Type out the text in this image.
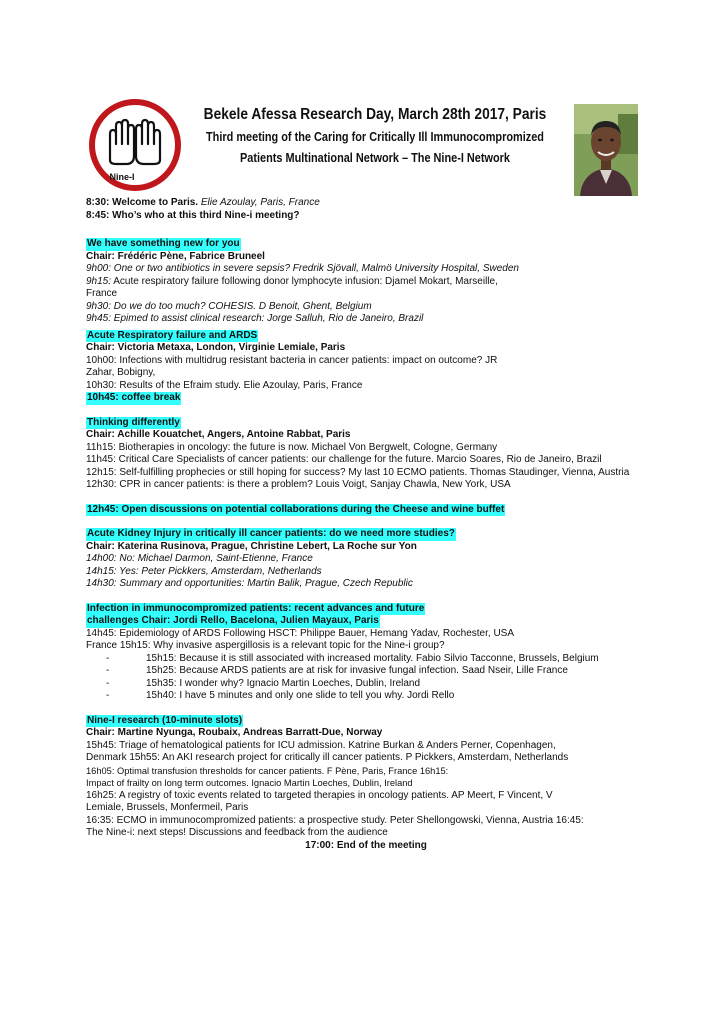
Nine-I
Bekele Afessa Research Day, March 28th 2017, Paris
Third meeting of the Caring for Critically Ill Immunocompromized
Patients Multinational Network – The Nine-I Network
8:30: Welcome to Paris. Elie Azoulay, Paris, France
8:45: Who’s who at this third Nine-i meeting?
We have something new for you
Chair: Frédéric Pène, Fabrice Bruneel
9h00: One or two antibiotics in severe sepsis? Fredrik Sjövall, Malmö University Hospital, Sweden
9h15: Acute respiratory failure following donor lymphocyte infusion: Djamel Mokart, Marseille,
France
9h30: Do we do too much? COHESIS. D Benoit, Ghent, Belgium
9h45: Epimed to assist clinical research: Jorge Salluh, Rio de Janeiro, Brazil
Acute Respiratory failure and ARDS
Chair: Victoria Metaxa, London, Virginie Lemiale, Paris
10h00: Infections with multidrug resistant bacteria in cancer patients: impact on outcome? JR
Zahar, Bobigny,
10h30: Results of the Efraim study. Elie Azoulay, Paris, France
10h45: coffee break
Thinking differently
Chair: Achille Kouatchet, Angers, Antoine Rabbat, Paris
11h15: Biotherapies in oncology: the future is now. Michael Von Bergwelt, Cologne, Germany
11h45: Critical Care Specialists of cancer patients: our challenge for the future. Marcio Soares, Rio de Janeiro, Brazil
12h15: Self-fulfilling prophecies or still hoping for success? My last 10 ECMO patients. Thomas Staudinger, Vienna, Austria
12h30: CPR in cancer patients: is there a problem? Louis Voigt, Sanjay Chawla, New York, USA
12h45: Open discussions on potential collaborations during the Cheese and wine buffet
Acute Kidney Injury in critically ill cancer patients: do we need more studies?
Chair: Katerina Rusinova, Prague, Christine Lebert, La Roche sur Yon
14h00: No: Michael Darmon, Saint-Etienne, France
14h15: Yes: Peter Pickkers, Amsterdam, Netherlands
14h30: Summary and opportunities: Martin Balik, Prague, Czech Republic
Infection in immunocompromized patients: recent advances and future
challenges Chair: Jordi Rello, Bacelona, Julien Mayaux, Paris
14h45: Epidemiology of ARDS Following HSCT: Philippe Bauer, Hemang Yadav, Rochester, USA
France 15h15: Why invasive aspergillosis is a relevant topic for the Nine-i group?
-	15h15: Because it is still associated with increased mortality. Fabio Silvio Tacconne, Brussels, Belgium
-	15h25: Because ARDS patients are at risk for invasive fungal infection. Saad Nseir, Lille France
-	15h35: I wonder why? Ignacio Martin Loeches, Dublin, Ireland
-	15h40: I have 5 minutes and only one slide to tell you why. Jordi Rello
Nine-I research (10-minute slots)
Chair: Martine Nyunga, Roubaix, Andreas Barratt-Due, Norway
15h45: Triage of hematological patients for ICU admission. Katrine Burkan & Anders Perner, Copenhagen,
Denmark 15h55: An AKI research project for critically ill cancer patients. P Pickkers, Amsterdam, Netherlands
16h05: Optimal transfusion thresholds for cancer patients. F Pène, Paris, France 16h15:
Impact of frailty on long term outcomes. Ignacio Martin Loeches, Dublin, Ireland
16h25: A registry of toxic events related to targeted therapies in oncology patients. AP Meert, F Vincent, V
Lemiale, Brussels, Monfermeil, Paris
16:35: ECMO in immunocompromized patients: a prospective study. Peter Shellongowski, Vienna, Austria 16:45:
The Nine-i: next steps! Discussions and feedback from the audience
17:00: End of the meeting
